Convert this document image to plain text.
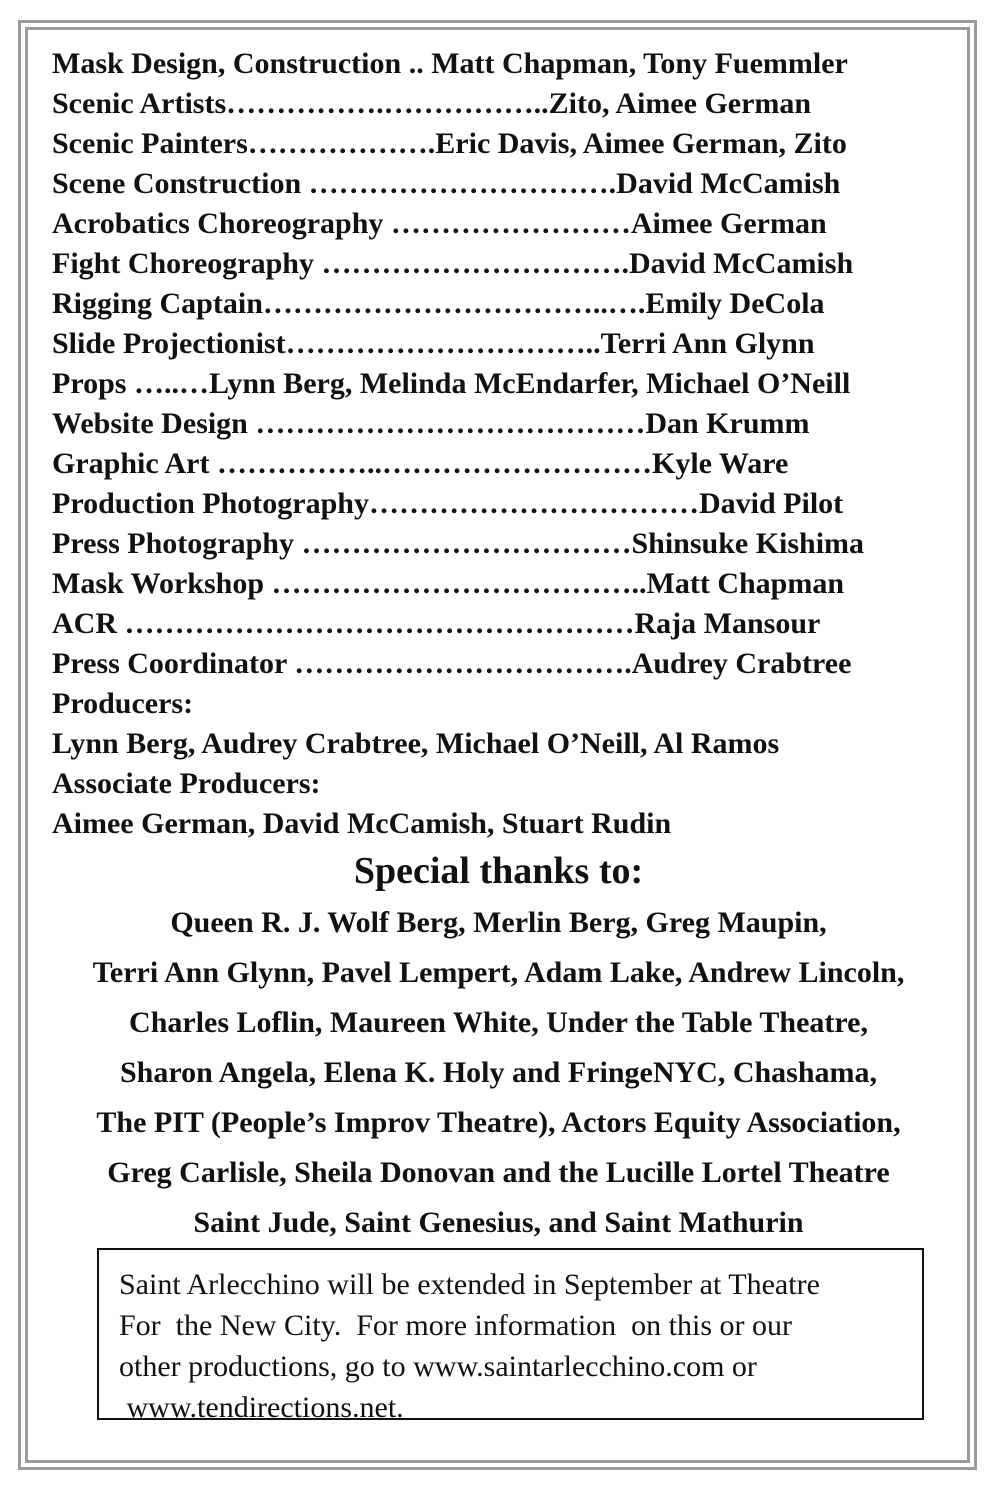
Mask Design, Construction .. Matt Chapman, Tony Fuemmler
Scenic Artists…………….……………..Zito, Aimee German
Scenic Painters……………….Eric Davis, Aimee German, Zito
Scene Construction ………………………….David McCamish
Acrobatics Choreography ……………………Aimee German
Fight Choreography ………………………….David McCamish
Rigging Captain……………………………..….Emily DeCola
Slide Projectionist…………………………..Terri Ann Glynn
Props …..…Lynn Berg, Melinda McEndarfer, Michael O’Neill
Website Design …………………………………Dan Krumm
Graphic Art ……………..………………………Kyle Ware
Production Photography……………………………David Pilot
Press Photography ……………………………Shinsuke Kishima
Mask Workshop ………………………………..Matt Chapman
ACR ……………………………………………Raja Mansour
Press Coordinator …………………………….Audrey Crabtree
Producers:
Lynn Berg, Audrey Crabtree, Michael O’Neill, Al Ramos
Associate Producers:
Aimee German, David McCamish, Stuart Rudin
Special thanks to:
Queen R. J. Wolf Berg, Merlin Berg, Greg Maupin,
Terri Ann Glynn, Pavel Lempert, Adam Lake, Andrew Lincoln,
Charles Loflin, Maureen White, Under the Table Theatre,
Sharon Angela, Elena K. Holy and FringeNYC, Chashama,
The PIT (People’s Improv Theatre), Actors Equity Association,
Greg Carlisle, Sheila Donovan and the Lucille Lortel Theatre
Saint Jude, Saint Genesius, and Saint Mathurin
Saint Arlecchino will be extended in September at Theatre
For  the New City.  For more information  on this or our
other productions, go to www.saintarlecchino.com or
www.tendirections.net.
